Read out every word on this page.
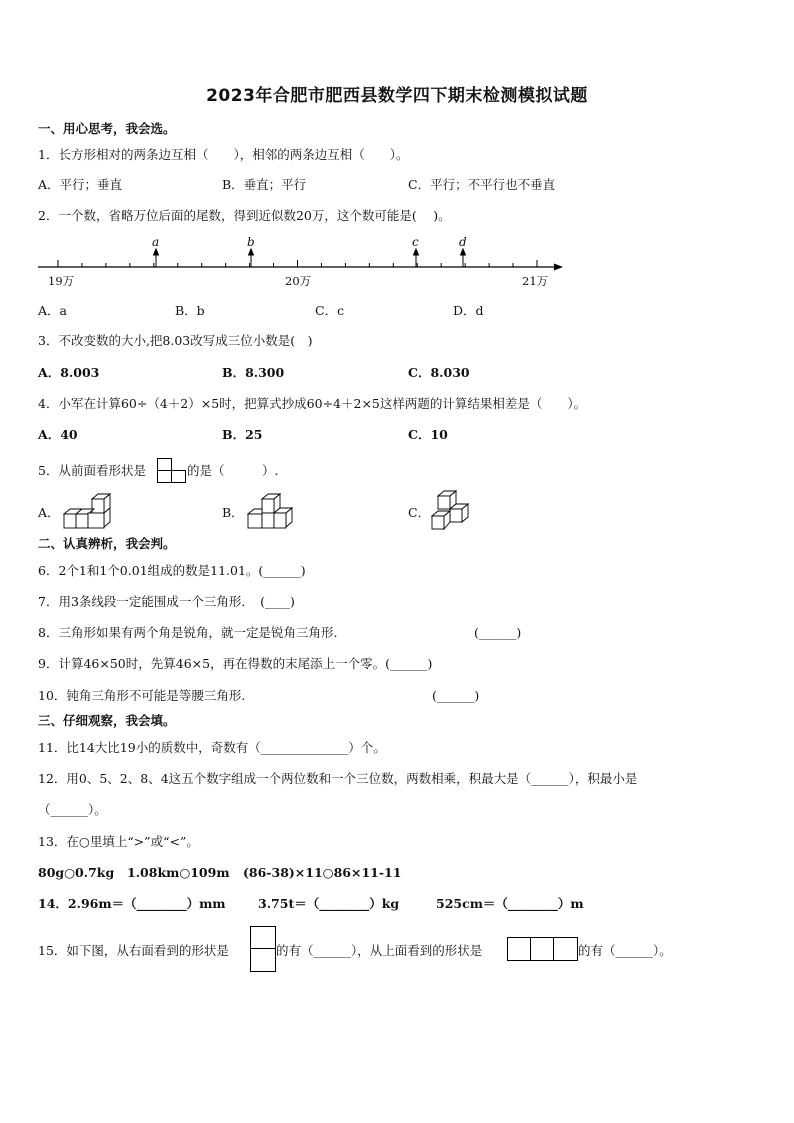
2023年合肥市肥西县数学四下期末检测模拟试题
一、用心思考，我会选。
1．长方形相对的两条边互相（　　），相邻的两条边互相（　　）。
A．平行；垂直	B．垂直；平行	C．平行；不平行也不垂直
2．一个数，省略万位后面的尾数，得到近似数20万，这个数可能是(　 )。
a	b	c	d
19万	20万	21万
A．a	B．b	C．c	D．d
3．不改变数的大小,把8.03改写成三位小数是(　)
A．8.003	B．8.300	C．8.030
4．小军在计算60÷（4＋2）×5时，把算式抄成60÷4＋2×5这样两题的计算结果相差是（　　）。
A．40	B．25	C．10
5．从前面看形状是	的是（　　　）.
A．	B．	C．
二、认真辨析，我会判。
6．2个1和1个0.01组成的数是11.01。(______)
7．用3条线段一定能围成一个三角形．　(____)
8．三角形如果有两个角是锐角，就一定是锐角三角形.	(______)
9．计算46×50时，先算46×5，再在得数的末尾添上一个零。(______)
10．钝角三角形不可能是等腰三角形.	(______)
三、仔细观察，我会填。
11．比14大比19小的质数中，奇数有（______________）个。
12．用0、5、2、8、4这五个数字组成一个两位数和一个三位数，两数相乘，积最大是（______），积最小是
（______）。
13．在○里填上“>”或“<”。
80g○0.7kg 1.08km○109m (86-38)×11○86×11-11
14．2.96m＝（________）mm	3.75t＝（________）kg	525cm＝（________）m
15．如下图，从右面看到的形状是	的有（______），从上面看到的形状是	的有（______）。
